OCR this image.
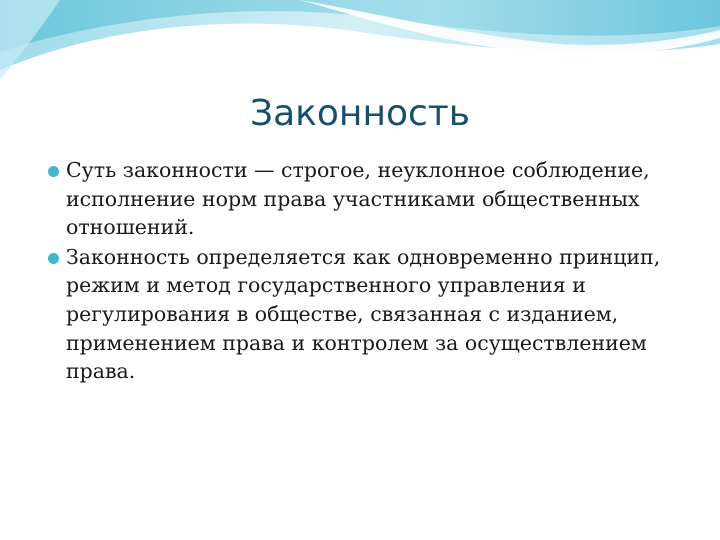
Законность
Суть законности — строгое, неуклонное соблюдение, исполнение норм права участниками общественных отношений.
Законность определяется как одновременно принцип, режим и метод государственного управления и регулирования в обществе, связанная с изданием, применением права и контролем за осуществлением права.
